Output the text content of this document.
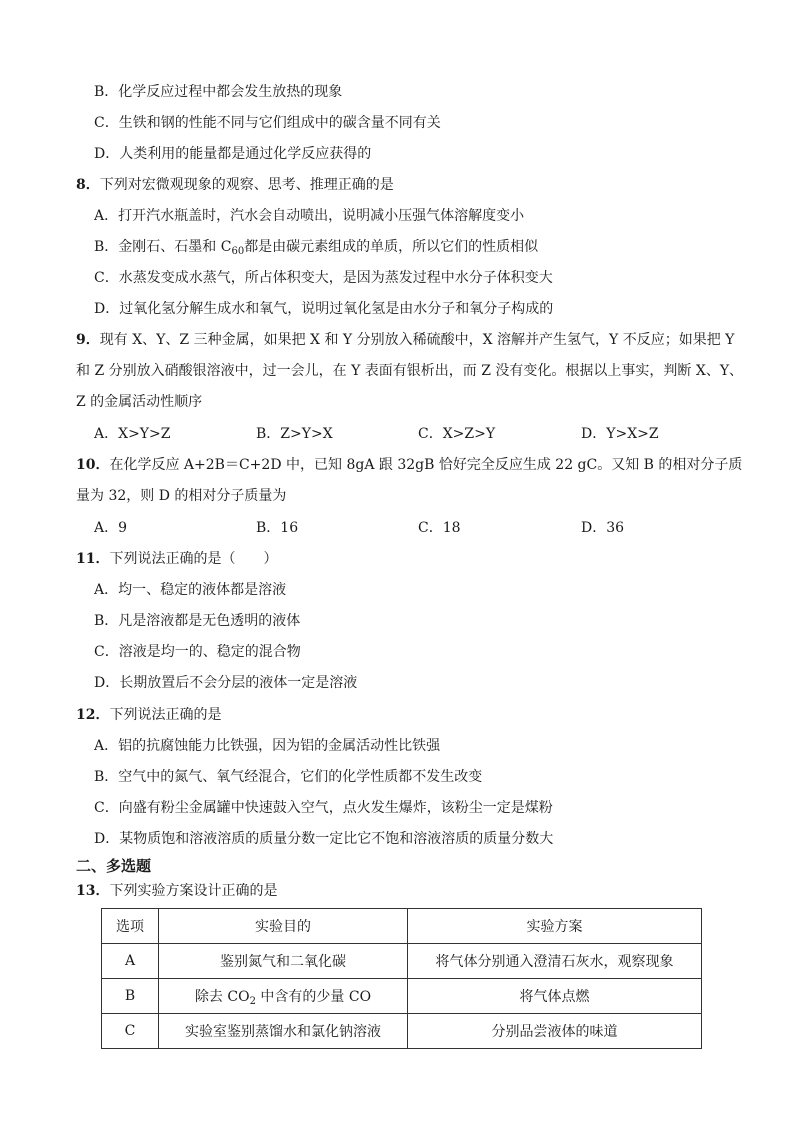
B．化学反应过程中都会发生放热的现象
C．生铁和钢的性能不同与它们组成中的碳含量不同有关
D．人类利用的能量都是通过化学反应获得的
8．下列对宏微观现象的观察、思考、推理正确的是
A．打开汽水瓶盖时，汽水会自动喷出，说明减小压强气体溶解度变小
B．金刚石、石墨和 $C_{60}$都是由碳元素组成的单质，所以它们的性质相似
C．水蒸发变成水蒸气，所占体积变大，是因为蒸发过程中水分子体积变大
D．过氧化氢分解生成水和氧气，说明过氧化氢是由水分子和氧分子构成的
9．现有 X、Y、Z 三种金属，如果把 X 和 Y 分别放入稀硫酸中，X 溶解并产生氢气，Y 不反应；如果把 Y 和 Z 分别放入硝酸银溶液中，过一会儿，在 Y 表面有银析出，而 Z 没有变化。根据以上事实，判断 X、Y、Z 的金属活动性顺序
A．X>Y>Z	B．Z>Y>X	C．X>Z>Y	D．Y>X>Z
10．在化学反应 A+2B＝C+2D 中，已知 8gA 跟 32gB 恰好完全反应生成 22 gC。又知 B 的相对分子质量为 32，则 D 的相对分子质量为
A．9	B．16	C．18	D．36
11．下列说法正确的是（　　）
A．均一、稳定的液体都是溶液
B．凡是溶液都是无色透明的液体
C．溶液是均一的、稳定的混合物
D．长期放置后不会分层的液体一定是溶液
12．下列说法正确的是
A．铝的抗腐蚀能力比铁强，因为铝的金属活动性比铁强
B．空气中的氮气、氧气经混合，它们的化学性质都不发生改变
C．向盛有粉尘金属罐中快速鼓入空气，点火发生爆炸，该粉尘一定是煤粉
D．某物质饱和溶液溶质的质量分数一定比它不饱和溶液溶质的质量分数大
二、多选题
13．下列实验方案设计正确的是
选项	实验目的	实验方案
A	鉴别氮气和二氧化碳	将气体分别通入澄清石灰水，观察现象
B	除去 $CO_2$ 中含有的少量 CO	将气体点燃
C	实验室鉴别蒸馏水和氯化钠溶液	分别品尝液体的味道
